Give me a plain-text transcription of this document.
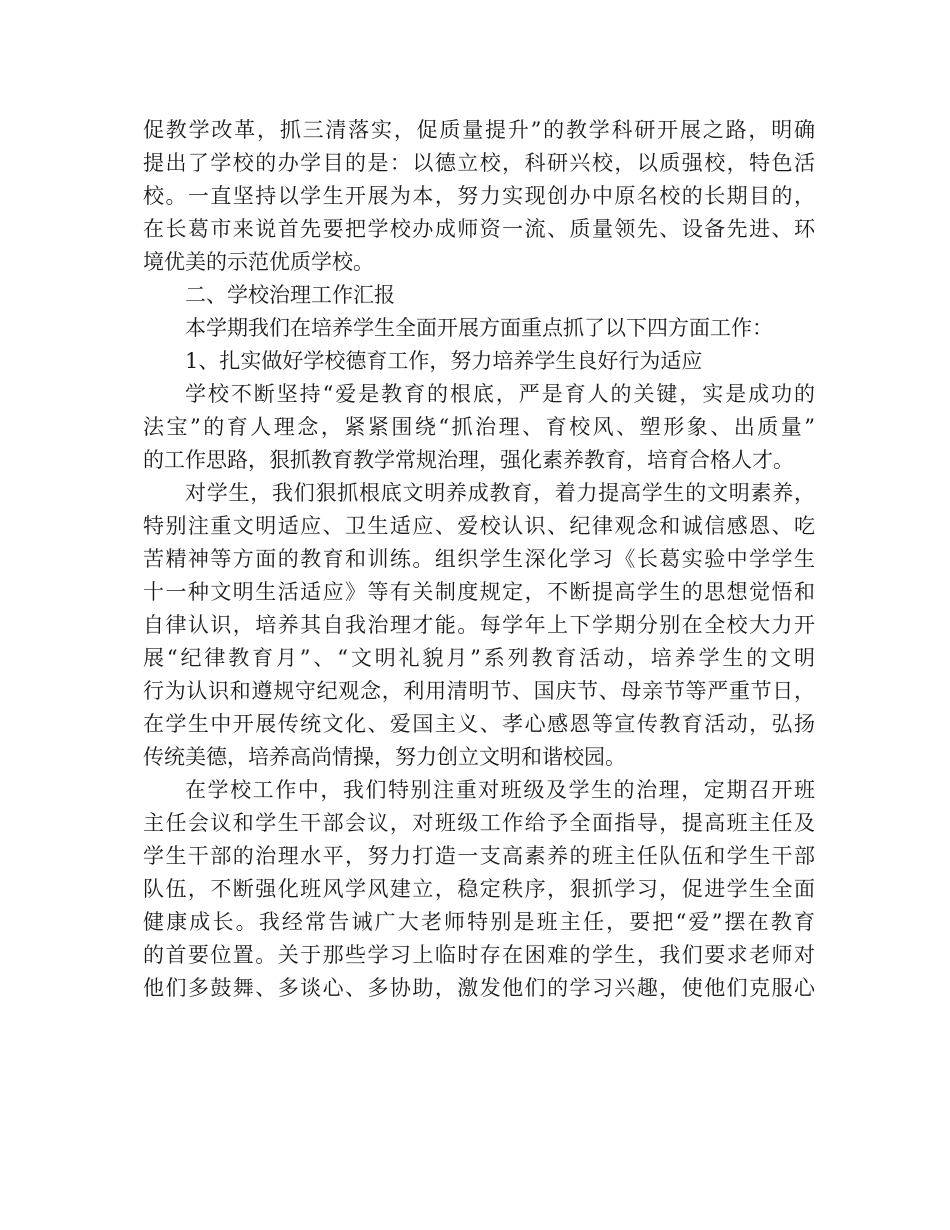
促教学改革，抓三清落实，促质量提升”的教学科研开展之路，明确
提出了学校的办学目的是：以德立校，科研兴校，以质强校，特色活
校。一直坚持以学生开展为本，努力实现创办中原名校的长期目的，
在长葛市来说首先要把学校办成师资一流、质量领先、设备先进、环
境优美的示范优质学校。
二、学校治理工作汇报
本学期我们在培养学生全面开展方面重点抓了以下四方面工作：
1、扎实做好学校德育工作，努力培养学生良好行为适应
学校不断坚持“爱是教育的根底，严是育人的关键，实是成功的
法宝”的育人理念，紧紧围绕“抓治理、育校风、塑形象、出质量”
的工作思路，狠抓教育教学常规治理，强化素养教育，培育合格人才。
对学生，我们狠抓根底文明养成教育，着力提高学生的文明素养，
特别注重文明适应、卫生适应、爱校认识、纪律观念和诚信感恩、吃
苦精神等方面的教育和训练。组织学生深化学习《长葛实验中学学生
十一种文明生活适应》等有关制度规定，不断提高学生的思想觉悟和
自律认识，培养其自我治理才能。每学年上下学期分别在全校大力开
展“纪律教育月”、“文明礼貌月”系列教育活动，培养学生的文明
行为认识和遵规守纪观念，利用清明节、国庆节、母亲节等严重节日，
在学生中开展传统文化、爱国主义、孝心感恩等宣传教育活动，弘扬
传统美德，培养高尚情操，努力创立文明和谐校园。
在学校工作中，我们特别注重对班级及学生的治理，定期召开班
主任会议和学生干部会议，对班级工作给予全面指导，提高班主任及
学生干部的治理水平，努力打造一支高素养的班主任队伍和学生干部
队伍，不断强化班风学风建立，稳定秩序，狠抓学习，促进学生全面
健康成长。我经常告诫广大老师特别是班主任，要把“爱”摆在教育
的首要位置。关于那些学习上临时存在困难的学生，我们要求老师对
他们多鼓舞、多谈心、多协助，激发他们的学习兴趣，使他们克服心
